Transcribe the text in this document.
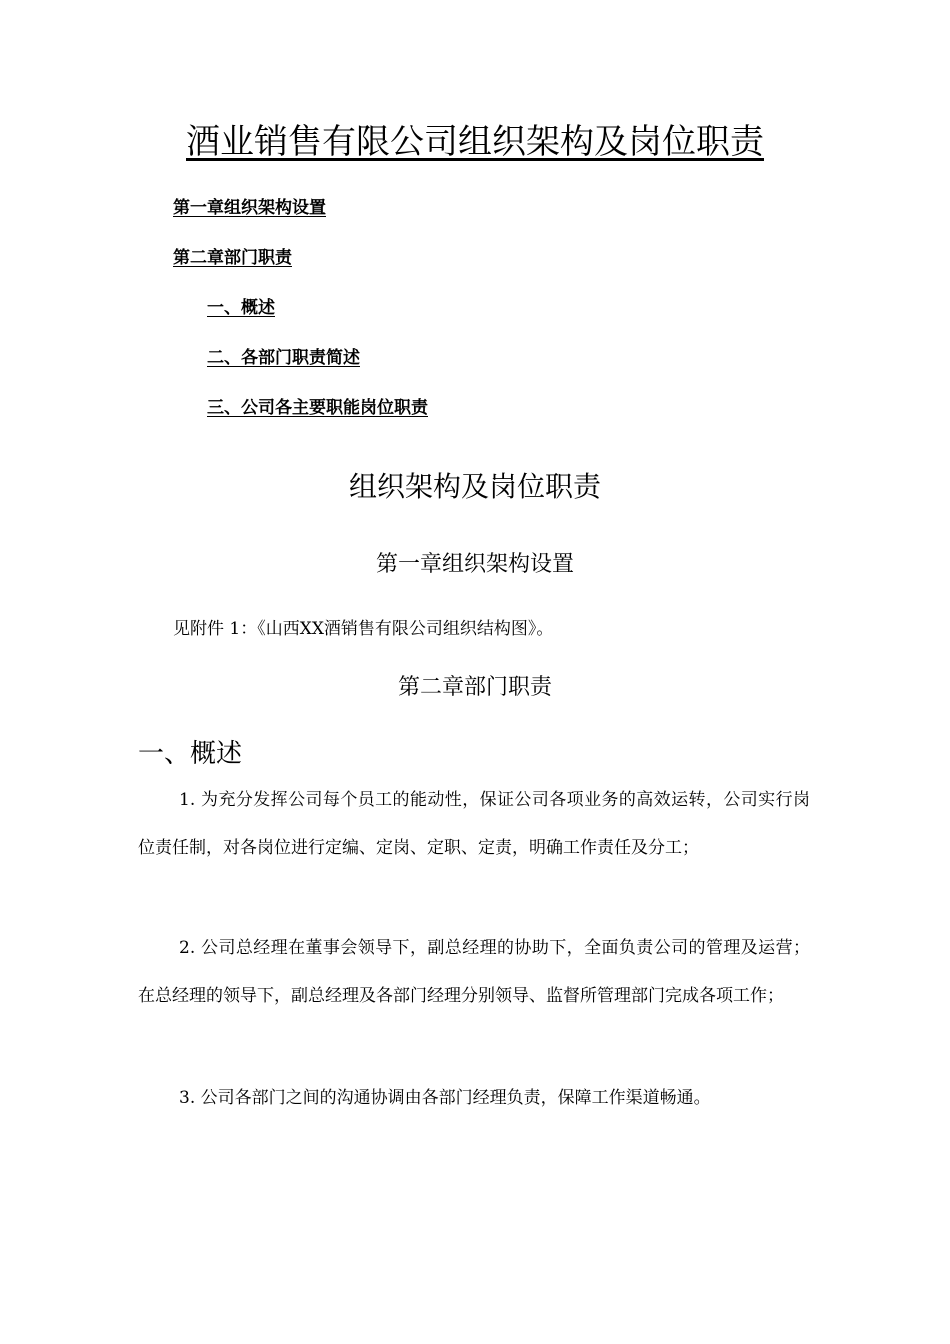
酒业销售有限公司组织架构及岗位职责
第一章组织架构设置
第二章部门职责
一、概述
二、各部门职责简述
三、公司各主要职能岗位职责
组织架构及岗位职责
第一章组织架构设置
见附件 1：《山西XX酒销售有限公司组织结构图》。
第二章部门职责
一、概述

1. 为充分发挥公司每个员工的能动性，保证公司各项业务的高效运转，公司实行岗位责任制，对各岗位进行定编、定岗、定职、定责，明确工作责任及分工；

2. 公司总经理在董事会领导下，副总经理的协助下，全面负责公司的管理及运营；在总经理的领导下，副总经理及各部门经理分别领导、监督所管理部门完成各项工作；

3. 公司各部门之间的沟通协调由各部门经理负责，保障工作渠道畅通。
